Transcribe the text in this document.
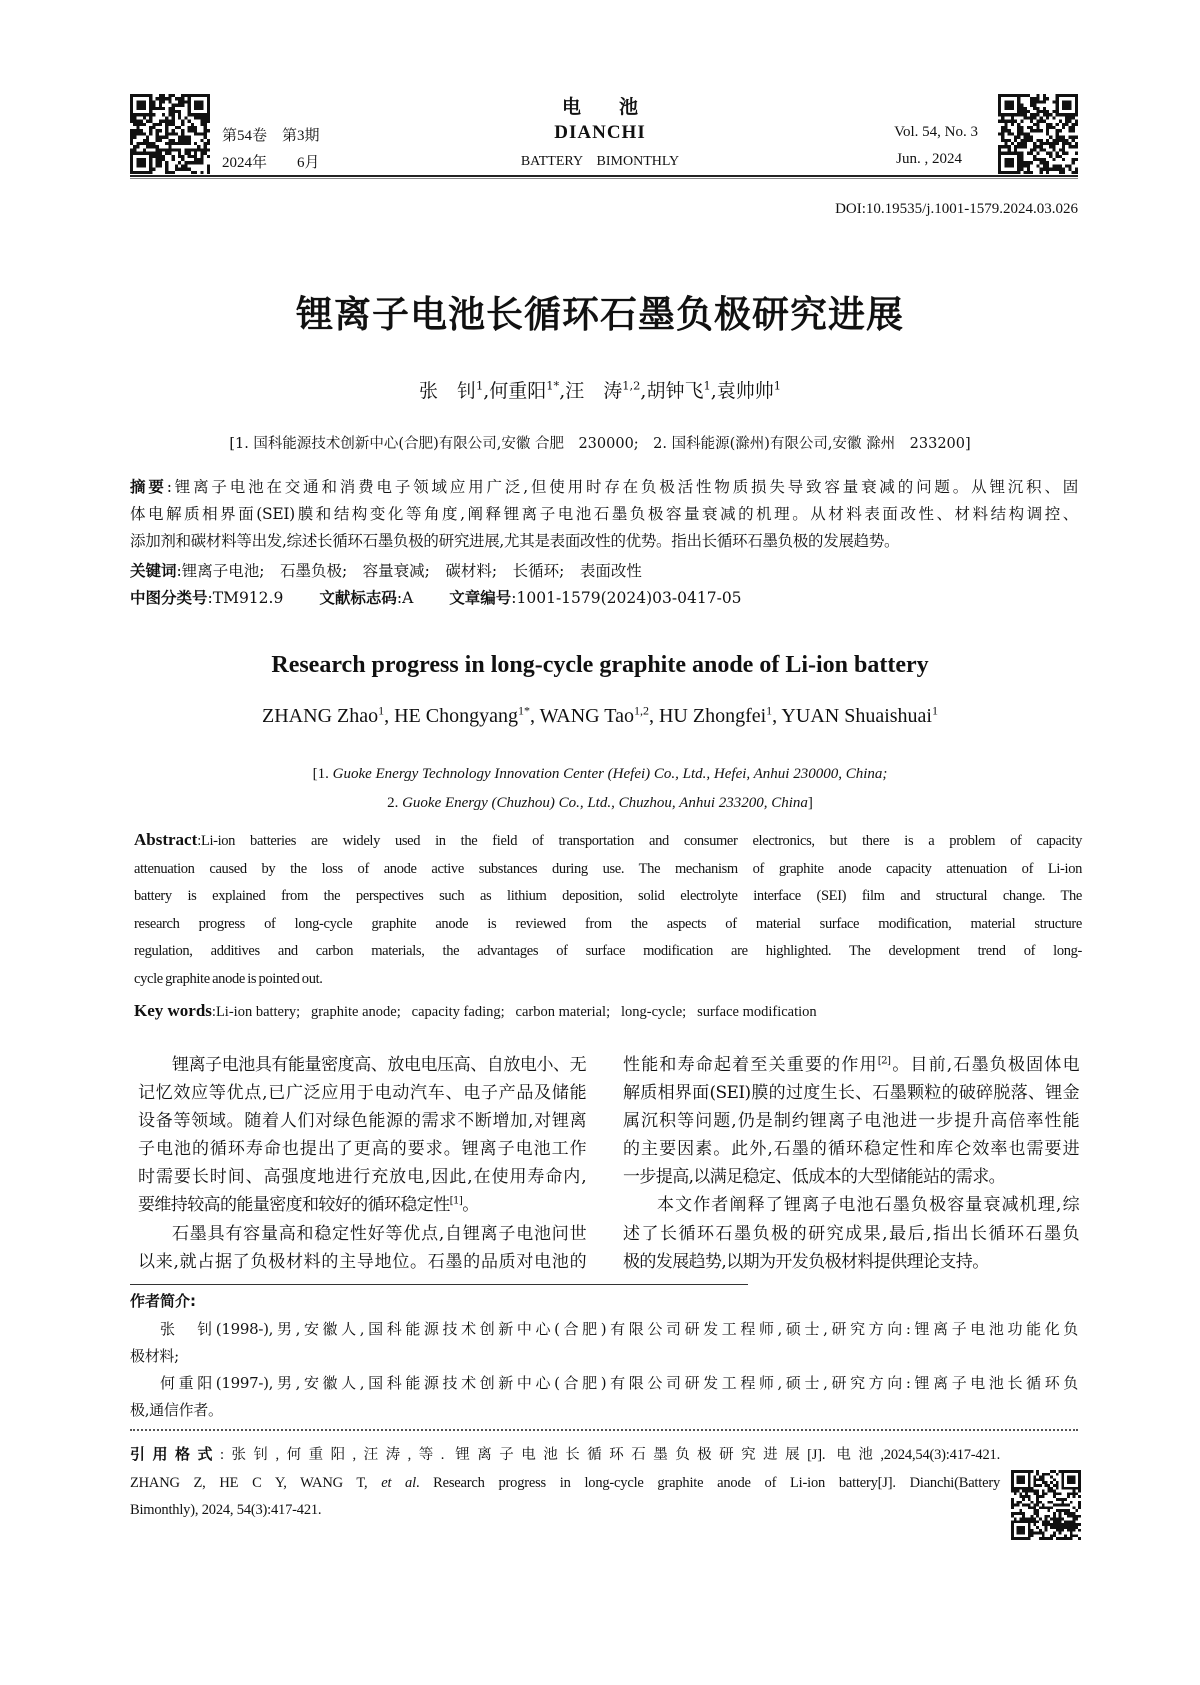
电　　池
DIANCHI
BATTERY　BIMONTHLY
第54卷　第3期
2024年　　6月
Vol. 54, No. 3
Jun. , 2024
DOI:10.19535/j.1001-1579.2024.03.026
锂离子电池长循环石墨负极研究进展
张　钊$^1$,何重阳$^{1*}$,汪　涛$^{1,2}$,胡钟飞$^1$,袁帅帅$^1$
[1. 国科能源技术创新中心(合肥)有限公司,安徽 合肥　230000;　2. 国科能源(滁州)有限公司,安徽 滁州　233200]
摘要:锂离子电池在交通和消费电子领域应用广泛,但使用时存在负极活性物质损失导致容量衰减的问题。从锂沉积、固
体电解质相界面(SEI)膜和结构变化等角度,阐释锂离子电池石墨负极容量衰减的机理。从材料表面改性、材料结构调控、
添加剂和碳材料等出发,综述长循环石墨负极的研究进展,尤其是表面改性的优势。指出长循环石墨负极的发展趋势。
关键词:锂离子电池;　石墨负极;　容量衰减;　碳材料;　长循环;　表面改性
中图分类号:TM912.9 文献标志码:A 文章编号:1001-1579(2024)03-0417-05
Research progress in long-cycle graphite anode of Li-ion battery
ZHANG Zhao$^1$, HE Chongyang$^{1*}$, WANG Tao$^{1,2}$, HU Zhongfei$^1$, YUAN Shuaishuai$^1$
[1. Guoke Energy Technology Innovation Center (Hefei) Co., Ltd., Hefei, Anhui 230000, China;
2. Guoke Energy (Chuzhou) Co., Ltd., Chuzhou, Anhui 233200, China]
Abstract:Li-ion batteries are widely used in the field of transportation and consumer electronics, but there is a problem of capacity
attenuation caused by the loss of anode active substances during use. The mechanism of graphite anode capacity attenuation of Li-ion
battery is explained from the perspectives such as lithium deposition, solid electrolyte interface (SEI) film and structural change. The
research progress of long-cycle graphite anode is reviewed from the aspects of material surface modification, material structure
regulation, additives and carbon materials, the advantages of surface modification are highlighted. The development trend of long-
cycle graphite anode is pointed out.
Key words:Li-ion battery;   graphite anode;   capacity fading;   carbon material;   long-cycle;   surface modification
锂离子电池具有能量密度高、放电电压高、自放电小、无
记忆效应等优点,已广泛应用于电动汽车、电子产品及储能
设备等领域。随着人们对绿色能源的需求不断增加,对锂离
子电池的循环寿命也提出了更高的要求。锂离子电池工作
时需要长时间、高强度地进行充放电,因此,在使用寿命内,
要维持较高的能量密度和较好的循环稳定性[1]。
石墨具有容量高和稳定性好等优点,自锂离子电池问世
以来,就占据了负极材料的主导地位。石墨的品质对电池的
性能和寿命起着至关重要的作用[2]。目前,石墨负极固体电
解质相界面(SEI)膜的过度生长、石墨颗粒的破碎脱落、锂金
属沉积等问题,仍是制约锂离子电池进一步提升高倍率性能
的主要因素。此外,石墨的循环稳定性和库仑效率也需要进
一步提高,以满足稳定、低成本的大型储能站的需求。
本文作者阐释了锂离子电池石墨负极容量衰减机理,综
述了长循环石墨负极的研究成果,最后,指出长循环石墨负
极的发展趋势,以期为开发负极材料提供理论支持。
作者简介:
张　钊(1998-),男,安徽人,国科能源技术创新中心(合肥)有限公司研发工程师,硕士,研究方向:锂离子电池功能化负
极材料;
何重阳(1997-),男,安徽人,国科能源技术创新中心(合肥)有限公司研发工程师,硕士,研究方向:锂离子电池长循环负
极,通信作者。
引用格式:张钊,何重阳,汪涛,等. 锂离子电池长循环石墨负极研究进展[J]. 电池,2024,54(3):417-421.
ZHANG Z, HE C Y, WANG T, et al. Research progress in long-cycle graphite anode of Li-ion battery[J]. Dianchi(Battery
Bimonthly), 2024, 54(3):417-421.
